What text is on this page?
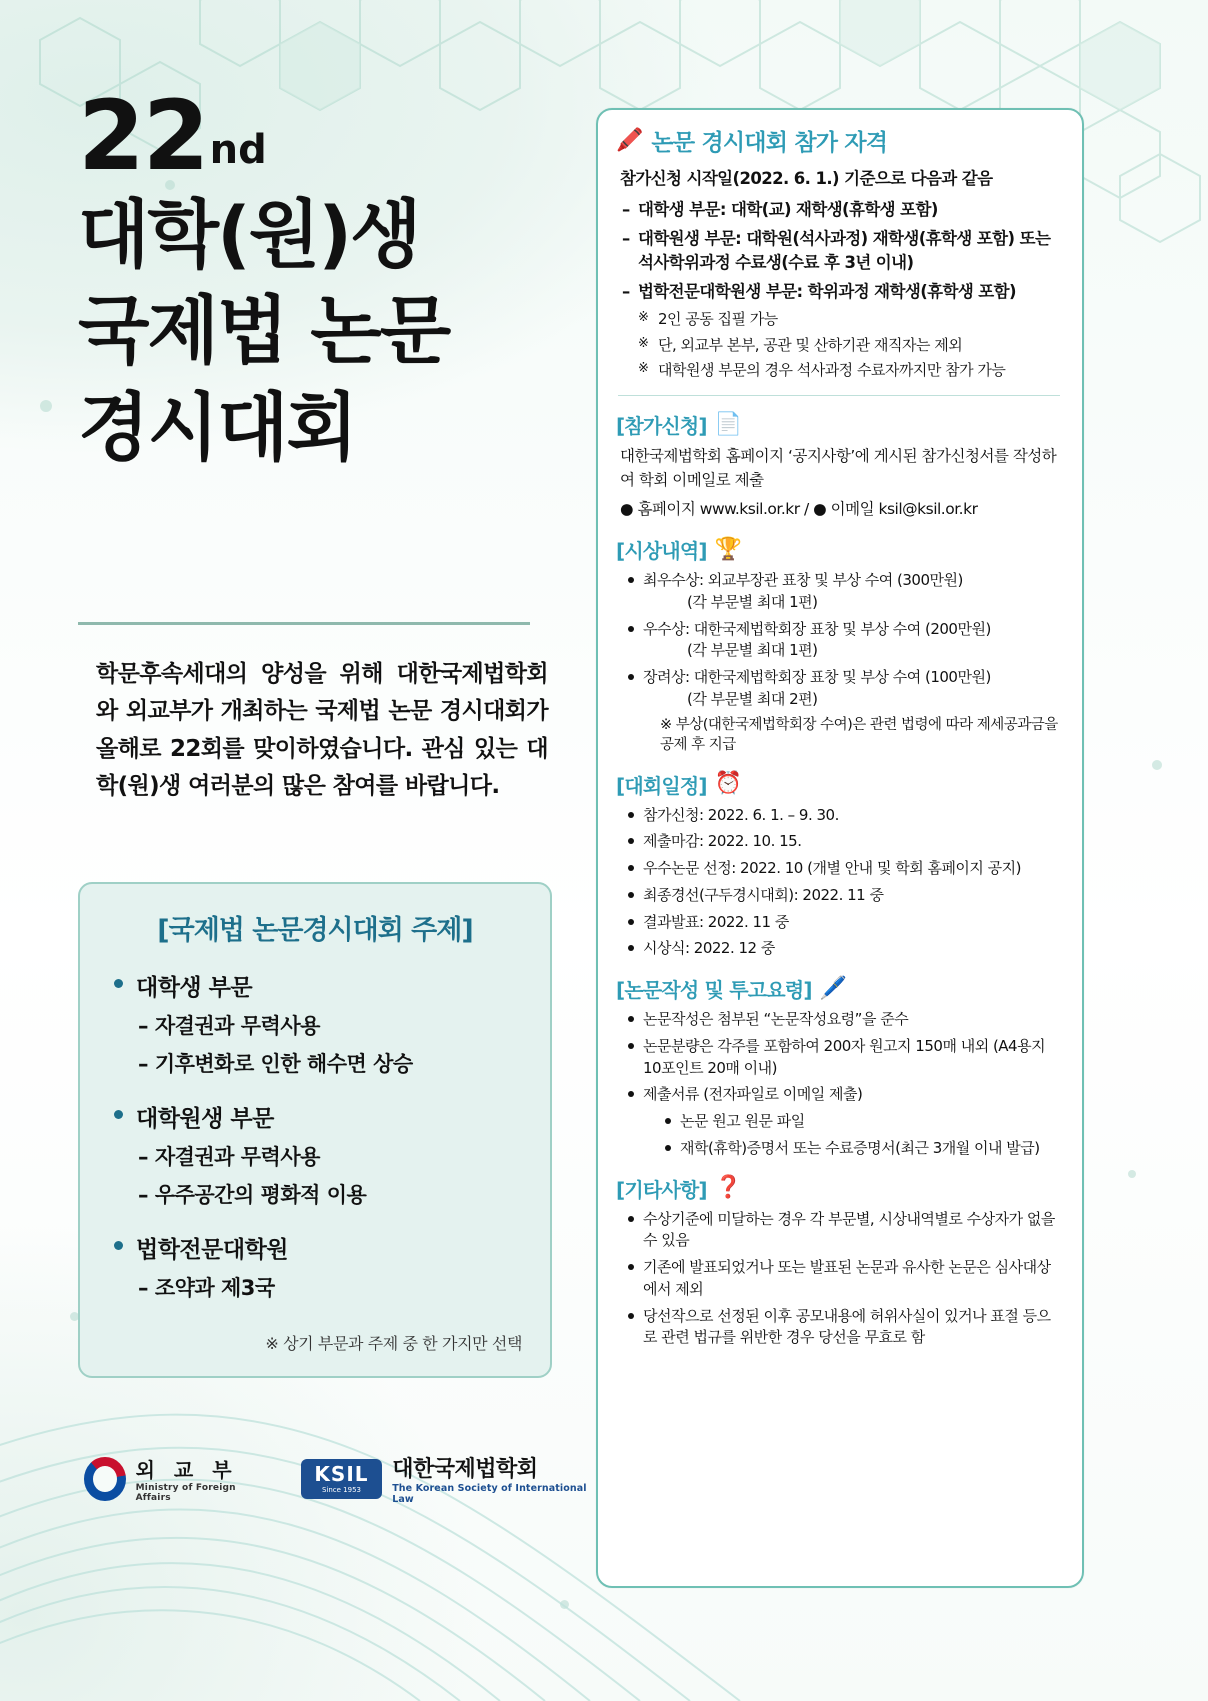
22nd
대학(원)생
국제법 논문
경시대회
학문후속세대의 양성을 위해 대한국제법학회와 외교부가 개최하는 국제법 논문 경시대회가 올해로 22회를 맞이하였습니다. 관심 있는 대학(원)생 여러분의 많은 참여를 바랍니다.
[국제법 논문경시대회 주제]
대학생 부문
– 자결권과 무력사용
– 기후변화로 인한 해수면 상승
대학원생 부문
– 자결권과 무력사용
– 우주공간의 평화적 이용
법학전문대학원
– 조약과 제3국
※ 상기 부문과 주제 중 한 가지만 선택
외 교 부
Ministry of Foreign Affairs
KSIL
Since 1953
대한국제법학회
The Korean Society of International Law
🖍️ 논문 경시대회 참가 자격
참가신청 시작일(2022. 6. 1.) 기준으로 다음과 같음
– 대학생 부문: 대학(교) 재학생(휴학생 포함)
– 대학원생 부문: 대학원(석사과정) 재학생(휴학생 포함) 또는 석사학위과정 수료생(수료 후 3년 이내)
– 법학전문대학원생 부문: 학위과정 재학생(휴학생 포함)
※ 2인 공동 집필 가능
※ 단, 외교부 본부, 공관 및 산하기관 재직자는 제외
※ 대학원생 부문의 경우 석사과정 수료자까지만 참가 가능
[참가신청] 📄
대한국제법학회 홈페이지 ‘공지사항’에 게시된 참가신청서를 작성하여 학회 이메일로 제출
● 홈페이지 www.ksil.or.kr / ● 이메일 ksil@ksil.or.kr
[시상내역] 🏆
최우수상: 외교부장관 표창 및 부상 수여 (300만원)
(각 부문별 최대 1편)
우수상: 대한국제법학회장 표창 및 부상 수여 (200만원)
(각 부문별 최대 1편)
장려상: 대한국제법학회장 표창 및 부상 수여 (100만원)
(각 부문별 최대 2편)
※ 부상(대한국제법학회장 수여)은 관련 법령에 따라 제세공과금을 공제 후 지급
[대회일정] ⏰
참가신청: 2022. 6. 1. – 9. 30.
제출마감: 2022. 10. 15.
우수논문 선정: 2022. 10 (개별 안내 및 학회 홈페이지 공지)
최종경선(구두경시대회): 2022. 11 중
결과발표: 2022. 11 중
시상식: 2022. 12 중
[논문작성 및 투고요령] 🖊️
논문작성은 첨부된 “논문작성요령”을 준수
논문분량은 각주를 포함하여 200자 원고지 150매 내외 (A4용지 10포인트 20매 이내)
제출서류 (전자파일로 이메일 제출)
논문 원고 원문 파일
재학(휴학)증명서 또는 수료증명서(최근 3개월 이내 발급)
[기타사항] ❓
수상기준에 미달하는 경우 각 부문별, 시상내역별로 수상자가 없을 수 있음
기존에 발표되었거나 또는 발표된 논문과 유사한 논문은 심사대상에서 제외
당선작으로 선정된 이후 공모내용에 허위사실이 있거나 표절 등으로 관련 법규를 위반한 경우 당선을 무효로 함
